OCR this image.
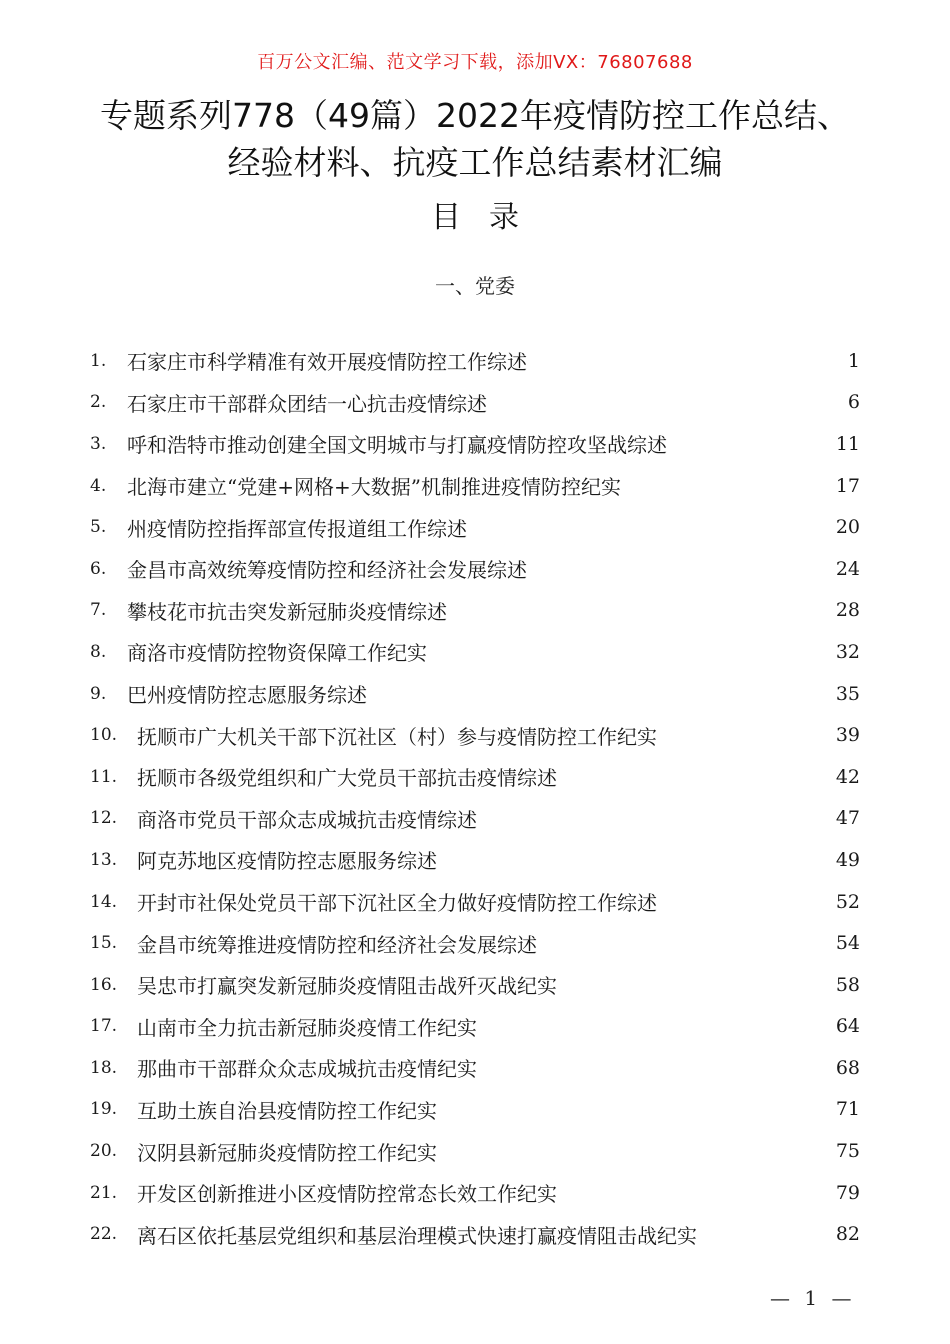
百万公文汇编、范文学习下载，添加VX：76807688
专题系列778（49篇）2022年疫情防控工作总结、
经验材料、抗疫工作总结素材汇编
目录
一、党委
1.	石家庄市科学精准有效开展疫情防控工作综述	1
2.	石家庄市干部群众团结一心抗击疫情综述	6
3.	呼和浩特市推动创建全国文明城市与打赢疫情防控攻坚战综述	11
4.	北海市建立“党建+网格+大数据”机制推进疫情防控纪实	17
5.	州疫情防控指挥部宣传报道组工作综述	20
6.	金昌市高效统筹疫情防控和经济社会发展综述	24
7.	攀枝花市抗击突发新冠肺炎疫情综述	28
8.	商洛市疫情防控物资保障工作纪实	32
9.	巴州疫情防控志愿服务综述	35
10. 抚顺市广大机关干部下沉社区（村）参与疫情防控工作纪实	39
11. 抚顺市各级党组织和广大党员干部抗击疫情综述	42
12. 商洛市党员干部众志成城抗击疫情综述	47
13. 阿克苏地区疫情防控志愿服务综述	49
14. 开封市社保处党员干部下沉社区全力做好疫情防控工作综述	52
15. 金昌市统筹推进疫情防控和经济社会发展综述	54
16. 吴忠市打赢突发新冠肺炎疫情阻击战歼灭战纪实	58
17. 山南市全力抗击新冠肺炎疫情工作纪实	64
18. 那曲市干部群众众志成城抗击疫情纪实	68
19. 互助土族自治县疫情防控工作纪实	71
20. 汉阴县新冠肺炎疫情防控工作纪实	75
21. 开发区创新推进小区疫情防控常态长效工作纪实	79
22. 离石区依托基层党组织和基层治理模式快速打赢疫情阻击战纪实	82
— 1 —
